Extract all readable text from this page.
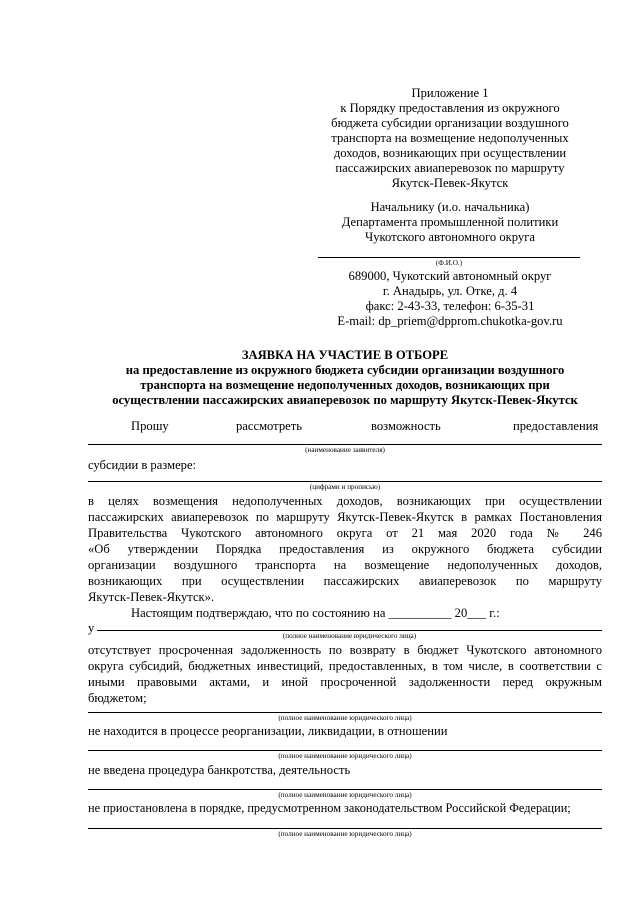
Приложение 1
к Порядку предоставления из окружного
бюджета субсидии организации воздушного
транспорта на возмещение недополученных
доходов, возникающих при осуществлении
пассажирских авиаперевозок по маршруту
Якутск-Певек-Якутск
Начальнику (и.о. начальника)
Департамента промышленной политики
Чукотского автономного округа
(Ф.И.О.)
689000, Чукотский автономный округ
г. Анадырь, ул. Отке, д. 4
факс: 2-43-33, телефон: 6-35-31
E-mail: dp_priem@dpprom.chukotka-gov.ru
ЗАЯВКА НА УЧАСТИЕ В ОТБОРЕ
на предоставление из окружного бюджета субсидии организации воздушного
транспорта на возмещение недополученных доходов, возникающих при
осуществлении пассажирских авиаперевозок по маршруту Якутск-Певек-Якутск
Прошу	рассмотреть	возможность	предоставления
(наименование заявителя)
субсидии в размере:
(цифрами и прописью)
в целях возмещения недополученных доходов, возникающих при осуществлении
пассажирских авиаперевозок по маршруту Якутск-Певек-Якутск в рамках Постановления
Правительства Чукотского автономного округа от 21 мая 2020 года № 246
«Об утверждении Порядка предоставления из окружного бюджета субсидии
организации воздушного транспорта на возмещение недополученных доходов,
возникающих при осуществлении пассажирских авиаперевозок по маршруту
Якутск-Певек-Якутск».
Настоящим подтверждаю, что по состоянию на __________ 20___ г.:
у
(полное наименование юридического лица)
отсутствует просроченная задолженность по возврату в бюджет Чукотского автономного
округа субсидий, бюджетных инвестиций, предоставленных, в том числе, в соответствии с
иными правовыми актами, и иной просроченной задолженности перед окружным
бюджетом;
(полное наименование юридического лица)
не находится в процессе реорганизации, ликвидации, в отношении
(полное наименование юридического лица)
не введена процедура банкротства, деятельность
(полное наименование юридического лица)
не приостановлена в порядке, предусмотренном законодательством Российской Федерации;
(полное наименование юридического лица)
